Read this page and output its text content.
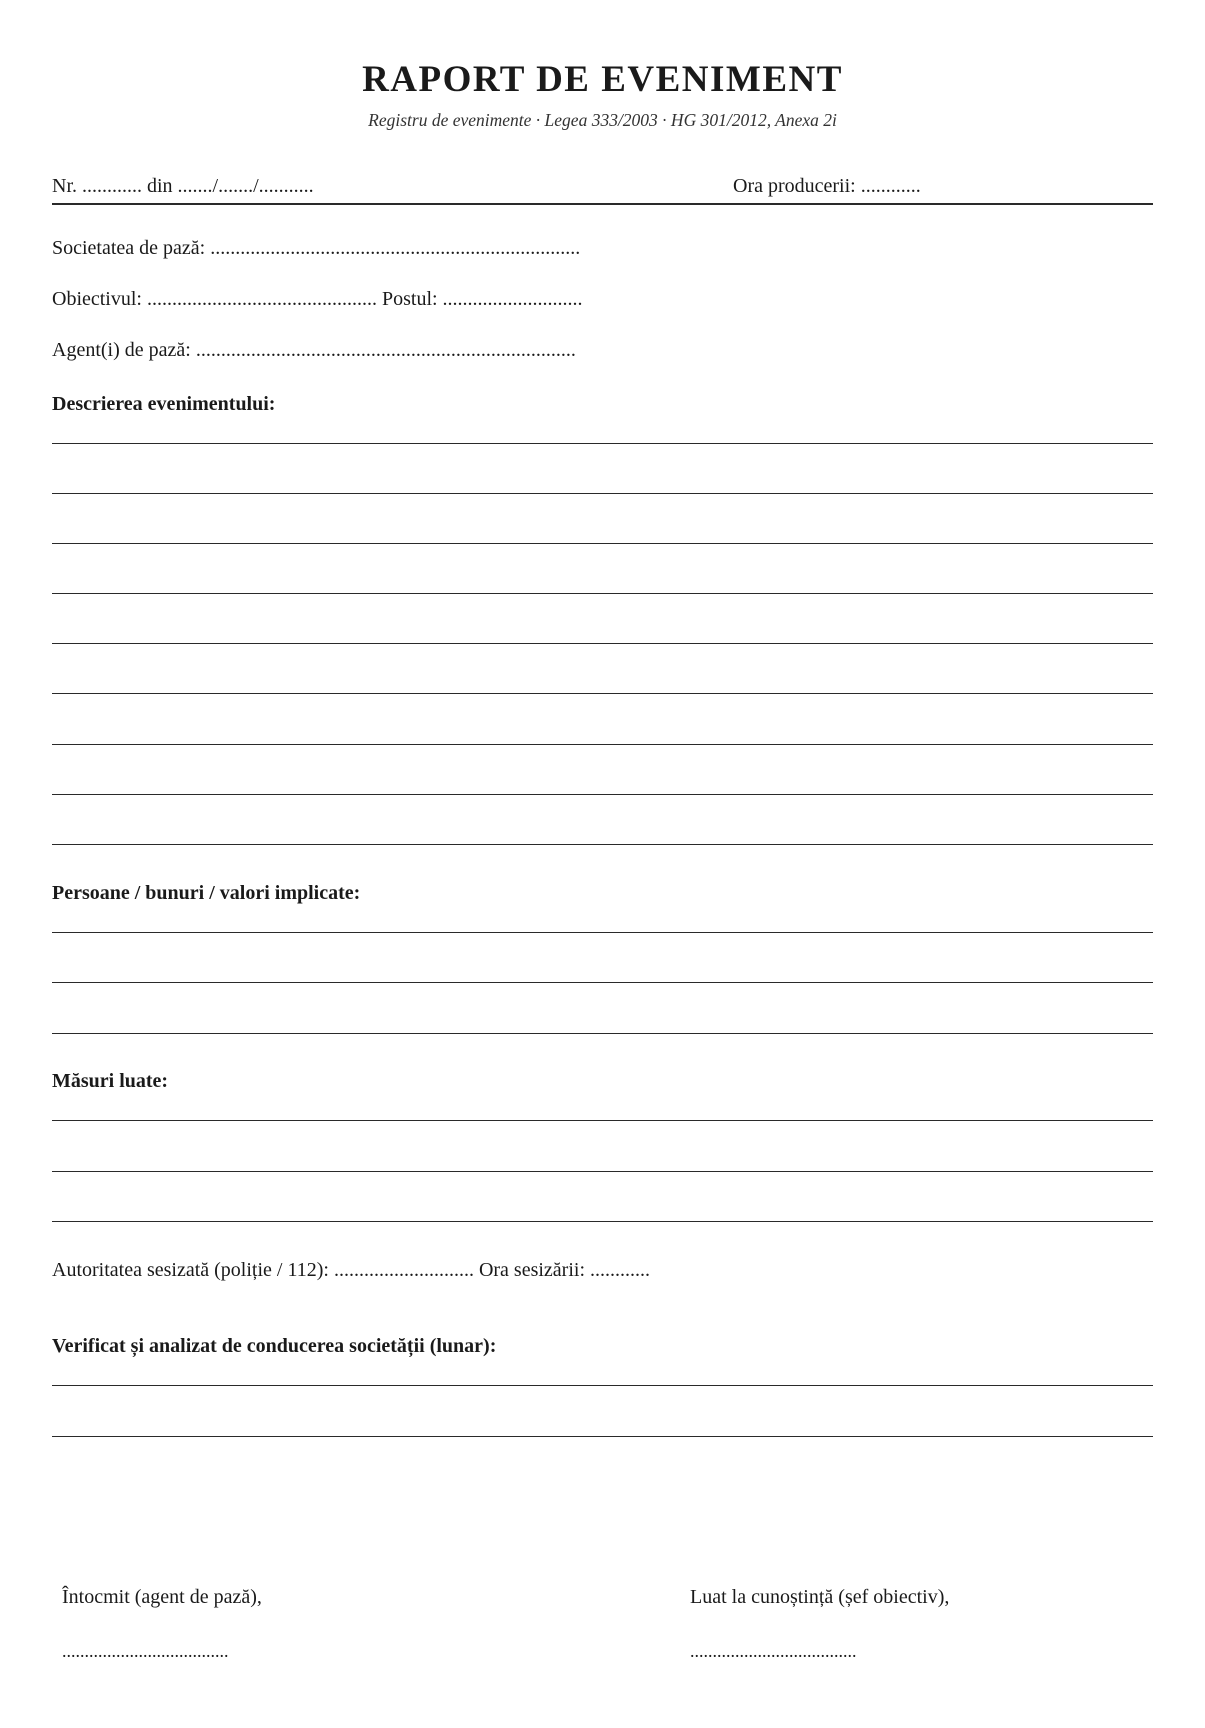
RAPORT DE EVENIMENT
Registru de evenimente · Legea 333/2003 · HG 301/2012, Anexa 2i
Nr. ............ din ......./......./...........	Ora producerii: ............
Societatea de pază: ..........................................................................
Obiectivul: .............................................. Postul: ............................
Agent(i) de pază: ............................................................................
Descrierea evenimentului:
Persoane / bunuri / valori implicate:
Măsuri luate:
Autoritatea sesizată (poliție / 112): ............................ Ora sesizării: ............
Verificat și analizat de conducerea societății (lunar):
Întocmit (agent de pază),
.....................................
Luat la cunoștință (șef obiectiv),
.....................................
